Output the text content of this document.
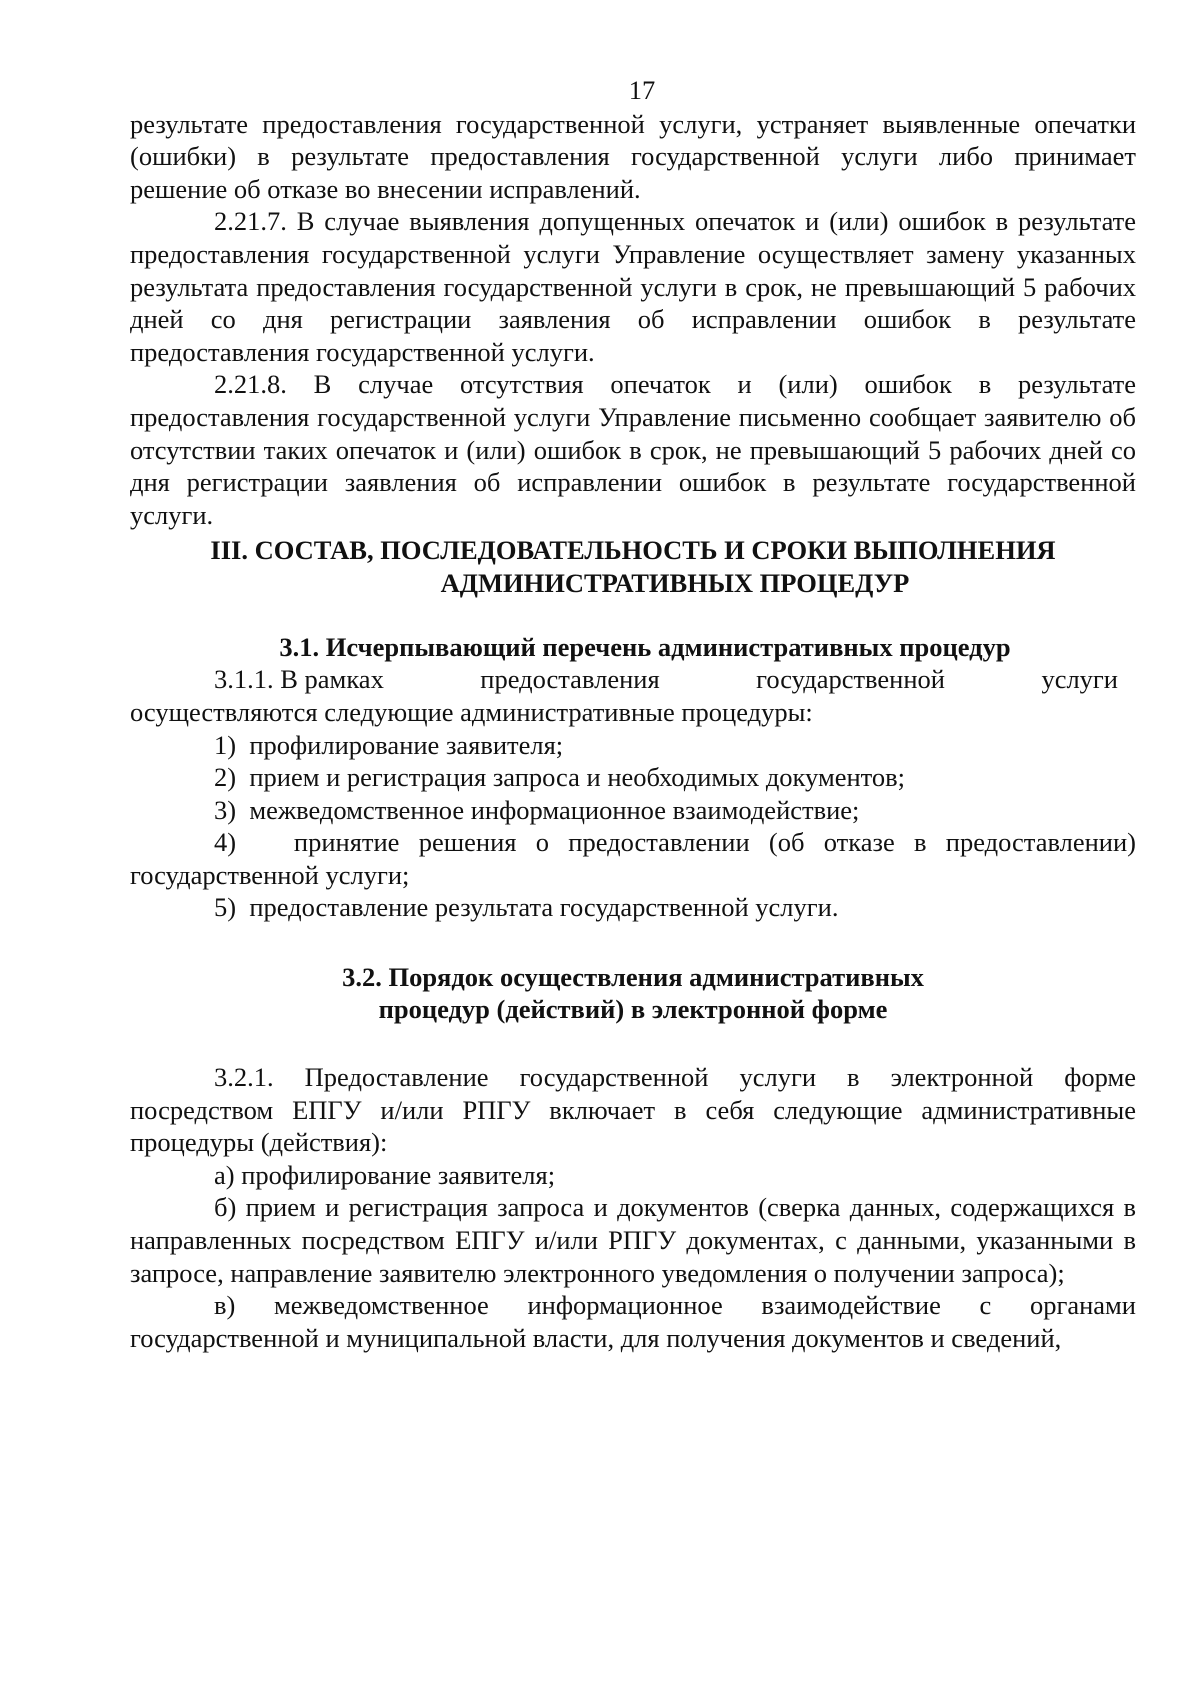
17

результате предоставления государственной услуги, устраняет выявленные опечатки (ошибки) в результате предоставления государственной услуги либо принимает решение об отказе во внесении исправлений.

2.21.7. В случае выявления допущенных опечаток и (или) ошибок в результате предоставления государственной услуги Управление осуществляет замену указанных результата предоставления государственной услуги в срок, не превышающий 5 рабочих дней со дня регистрации заявления об исправлении ошибок в результате предоставления государственной услуги.

2.21.8. В случае отсутствия опечаток и (или) ошибок в результате предоставления государственной услуги Управление письменно сообщает заявителю об отсутствии таких опечаток и (или) ошибок в срок, не превышающий 5 рабочих дней со дня регистрации заявления об исправлении ошибок в результате государственной услуги.

III. СОСТАВ, ПОСЛЕДОВАТЕЛЬНОСТЬ И СРОКИ ВЫПОЛНЕНИЯ
АДМИНИСТРАТИВНЫХ ПРОЦЕДУР
3.1. Исчерпывающий перечень административных процедур
3.1.1. В рамках	предоставления	государственной	услуги

осуществляются следующие административные процедуры:

1)  профилирование заявителя;

2)  прием и регистрация запроса и необходимых документов;

3)  межведомственное информационное взаимодействие;

4)   принятие решения о предоставлении (об отказе в предоставлении) государственной услуги;

5)  предоставление результата государственной услуги.

3.2. Порядок осуществления административных
процедур (действий) в электронной форме

3.2.1. Предоставление государственной услуги в электронной форме посредством ЕПГУ и/или РПГУ включает в себя следующие административные процедуры (действия):

а) профилирование заявителя;

б) прием и регистрация запроса и документов (сверка данных, содержащихся в направленных посредством ЕПГУ и/или РПГУ документах, с данными, указанными в запросе, направление заявителю электронного уведомления о получении запроса);

в) межведомственное информационное взаимодействие с органами государственной и муниципальной власти, для получения документов и сведений,
